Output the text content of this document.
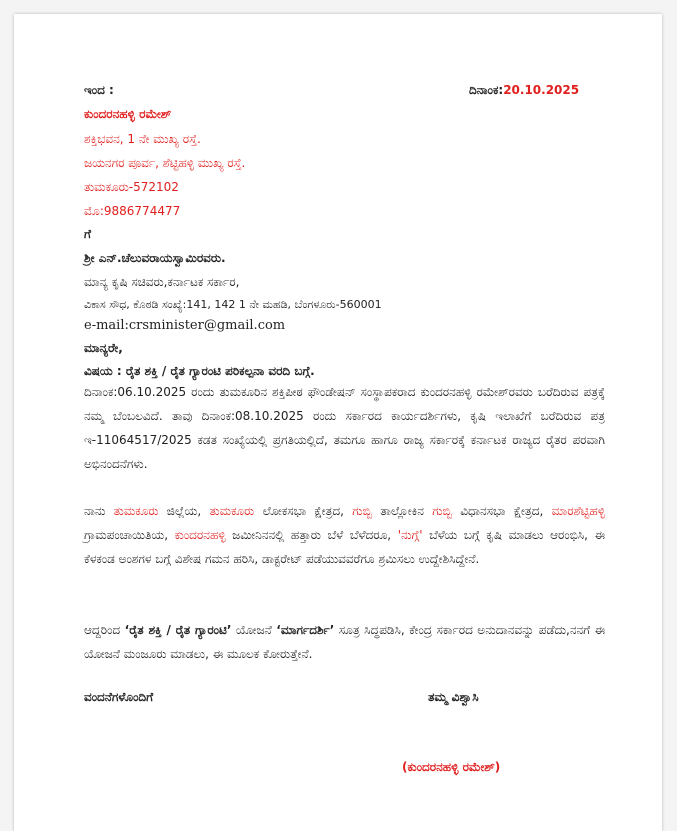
ಇಂದ :	ದಿನಾಂಕ:20.10.2025
ಕುಂದರನಹಳ್ಳಿ ರಮೇಶ್
ಶಕ್ತಿಭವನ, 1 ನೇ ಮುಖ್ಯ ರಸ್ತೆ.
ಜಯನಗರ ಪೂರ್ವ, ಶೆಟ್ಟಿಹಳ್ಳಿ ಮುಖ್ಯ ರಸ್ತೆ.
ತುಮಕೂರು-572102
ಮೊ:9886774477
ಗೆ
ಶ್ರೀ ಎನ್.ಚೆಲುವರಾಯಸ್ವಾಮಿರವರು.
ಮಾನ್ಯ ಕೃಷಿ ಸಚಿವರು,ಕರ್ನಾಟಕ ಸರ್ಕಾರ,
ವಿಕಾಸ ಸೌಧ, ಕೊಠಡಿ ಸಂಖ್ಯೆ:141, 142 1 ನೇ ಮಹಡಿ, ಬೆಂಗಳೂರು-560001
e-mail:crsminister@gmail.com
ಮಾನ್ಯರೇ,
ವಿಷಯ : ರೈತ ಶಕ್ತಿ / ರೈತ ಗ್ಯಾರಂಟಿ ಪರಿಕಲ್ಪನಾ ವರದಿ ಬಗ್ಗೆ.
ದಿನಾಂಕ:06.10.2025 ರಂದು ತುಮಕೂರಿನ ಶಕ್ತಿಪೀಠ ಫೌಂಡೇಷನ್ ಸಂಸ್ಥಾಪಕರಾದ ಕುಂದರನಹಳ್ಳಿ ರಮೇಶ್‌ರವರು ಬರೆದಿರುವ ಪತ್ರಕ್ಕೆ ನಮ್ಮ ಬೆಂಬಲವಿದೆ. ತಾವು ದಿನಾಂಕ:08.10.2025 ರಂದು ಸರ್ಕಾರದ ಕಾರ್ಯದರ್ಶಿಗಳು, ಕೃಷಿ ಇಲಾಖೆಗೆ ಬರೆದಿರುವ ಪತ್ರ ಇ-11064517/2025 ಕಡತ ಸಂಖ್ಯೆಯಲ್ಲಿ ಪ್ರಗತಿಯಲ್ಲಿದೆ, ತಮಗೂ ಹಾಗೂ ರಾಜ್ಯ ಸರ್ಕಾರಕ್ಕೆ ಕರ್ನಾಟಕ ರಾಜ್ಯದ ರೈತರ ಪರವಾಗಿ ಅಭಿನಂದನೆಗಳು.
ನಾನು ತುಮಕೂರು ಜಿಲ್ಲೆಯ, ತುಮಕೂರು ಲೋಕಸಭಾ ಕ್ಷೇತ್ರದ, ಗುಬ್ಬಿ ತಾಲ್ಲೋಕಿನ ಗುಬ್ಬಿ ವಿಧಾನಸಭಾ ಕ್ಷೇತ್ರದ, ಮಾರಶೆಟ್ಟಿಹಳ್ಳಿ ಗ್ರಾಮಪಂಚಾಯಿತಿಯ, ಕುಂದರನಹಳ್ಳಿ ಜಮೀನಿನನಲ್ಲಿ ಹತ್ತಾರು ಬೆಳೆ ಬೆಳೆದರೂ, 'ನುಗ್ಗೆ' ಬೆಳೆಯ ಬಗ್ಗೆ ಕೃಷಿ ಮಾಡಲು ಆರಂಭಿಸಿ, ಈ ಕೆಳಕಂಡ ಅಂಶಗಳ ಬಗ್ಗೆ ವಿಶೇಷ ಗಮನ ಹರಿಸಿ, ಡಾಕ್ಟರೇಟ್ ಪಡೆಯುವವರೆಗೂ ಶ್ರಮಿಸಲು ಉದ್ದೇಶಿಸಿದ್ದೇನೆ.
ಆದ್ದರಿಂದ ‘ರೈತ ಶಕ್ತಿ / ರೈತ ಗ್ಯಾರಂಟಿ’ ಯೋಜನೆ ‘ಮಾರ್ಗದರ್ಶಿ’ ಸೂತ್ರ ಸಿದ್ಧಪಡಿಸಿ, ಕೇಂದ್ರ ಸರ್ಕಾರದ ಅನುದಾನವನ್ನು ಪಡೆದು,ನನಗೆ ಈ ಯೋಜನೆ ಮಂಜೂರು ಮಾಡಲು, ಈ ಮೂಲಕ ಕೋರುತ್ತೇನೆ.
ವಂದನೆಗಳೊಂದಿಗೆ	ತಮ್ಮ ವಿಶ್ವಾಸಿ
(ಕುಂದರನಹಳ್ಳಿ ರಮೇಶ್)
